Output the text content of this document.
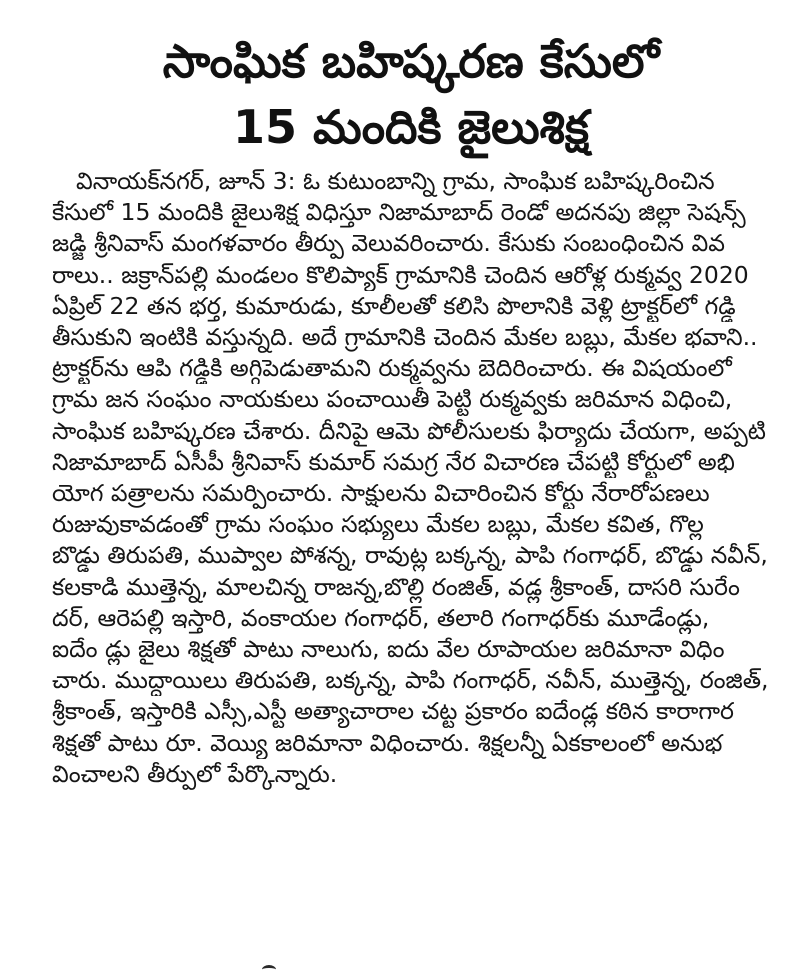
సాంఘిక బహిష్కరణ కేసులో
15 మందికి జైలుశిక్ష
వినాయక్‌నగర్, జూన్ 3: ఓ కుటుంబాన్ని గ్రామ, సాంఘిక బహిష్కరించిన
కేసులో 15 మందికి జైలుశిక్ష విధిస్తూ నిజామాబాద్ రెండో అదనపు జిల్లా సెషన్స్
జడ్జి శ్రీనివాస్ మంగళవారం తీర్పు వెలువరించారు. కేసుకు సంబంధించిన వివ
రాలు.. జక్రాన్‌పల్లి మండలం కొలిప్యాక్ గ్రామానికి చెందిన ఆరోళ్ల రుక్మవ్వ 2020
ఏప్రిల్ 22 తన భర్త, కుమారుడు, కూలీలతో కలిసి పొలానికి వెళ్లి ట్రాక్టర్‌లో గడ్డి
తీసుకుని ఇంటికి వస్తున్నది. అదే గ్రామానికి చెందిన మేకల బబ్లు, మేకల భవాని..
ట్రాక్టర్‌ను ఆపి గడ్డికి అగ్గిపెడుతామని రుక్మవ్వను బెదిరించారు. ఈ విషయంలో
గ్రామ జన సంఘం నాయకులు పంచాయితీ పెట్టి రుక్మవ్వకు జరిమాన విధించి,
సాంఘిక బహిష్కరణ చేశారు. దీనిపై ఆమె పోలీసులకు ఫిర్యాదు చేయగా, అప్పటి
నిజామాబాద్ ఏసీపీ శ్రీనివాస్ కుమార్ సమగ్ర నేర విచారణ చేపట్టి కోర్టులో అభి
యోగ పత్రాలను సమర్పించారు. సాక్షులను విచారించిన కోర్టు నేరారోపణలు
రుజువుకావడంతో గ్రామ సంఘం సభ్యులు మేకల బబ్లు, మేకల కవిత, గొల్ల
బొడ్డు తిరుపతి, ముప్వాల పోశన్న, రావుట్ల బక్కన్న, పాపి గంగాధర్, బొడ్డు నవీన్,
కలకాడి ముత్తెన్న, మాలచిన్న రాజన్న,బొల్లి రంజిత్, వడ్ల శ్రీకాంత్, దాసరి సురేం
దర్, ఆరెపల్లి ఇస్తారి, వంకాయల గంగాధర్, తలారి గంగాధర్‌కు మూడేండ్లు,
ఐదేం డ్లు జైలు శిక్షతో పాటు నాలుగు, ఐదు వేల రూపాయల జరిమానా విధిం
చారు. ముద్దాయిలు తిరుపతి, బక్కన్న, పాపి గంగాధర్, నవీన్, ముత్తెన్న, రంజిత్,
శ్రీకాంత్, ఇస్తారికి ఎస్సీ,ఎస్టీ అత్యాచారాల చట్ట ప్రకారం ఐదేండ్ల కఠిన కారాగార
శిక్షతో పాటు రూ. వెయ్యి జరిమానా విధించారు. శిక్షలన్నీ ఏకకాలంలో అనుభ
వించాలని తీర్పులో పేర్కొన్నారు.
